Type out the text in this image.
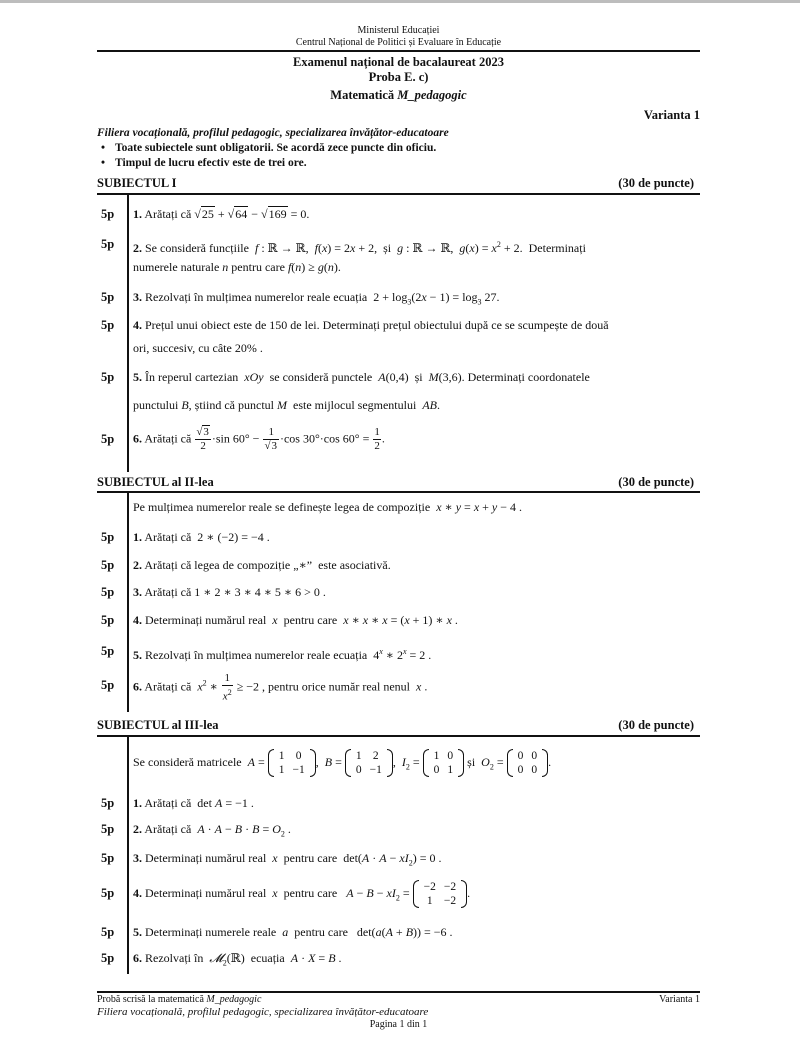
Ministerul Educației
Centrul Național de Politici și Evaluare în Educație
Examenul național de bacalaureat 2023
Proba E. c)
Matematică M_pedagogic
Varianta 1
Filiera vocațională, profilul pedagogic, specializarea învățător-educatoare
• Toate subiectele sunt obligatorii. Se acordă zece puncte din oficiu.
• Timpul de lucru efectiv este de trei ore.
SUBIECTUL I	(30 de puncte)
5p 1. Arătați că √25 + √64 − √169 = 0.
5p 2. Se consideră funcțiile  f : ℝ → ℝ,  f(x) = 2x + 2,  și  g : ℝ → ℝ,  $g(x) = x^2 + 2$.  Determinați
numerele naturale n pentru care f(n) ≥ g(n).
5p 3. Rezolvați în mulțimea numerelor reale ecuația  $2 + \log_3(2x - 1) = \log_3 27$.
5p 4. Prețul unui obiect este de 150 de lei. Determinați prețul obiectului după ce se scumpește de două
ori, succesiv, cu câte 20% .
5p 5. În reperul cartezian  xOy  se consideră punctele  A(0,4)  și  M(3,6). Determinați coordonatele
punctului B, știind că punctul M  este mijlocul segmentului  AB.
5p 6. Arătați că $\frac{√3}{2} \cdot\sin$ $60^\circ - \frac{1}{√3} \cdot\cos$ 30°·cos $60^\circ = \frac{1}{2}$ .
SUBIECTUL al II-lea	(30 de puncte)
Pe mulțimea numerelor reale se definește legea de compoziție  x ∗ y = x + y − 4 .
5p 1. Arătați că  2 ∗ (−2) = −4 .
5p 2. Arătați că legea de compoziție „∗”  este asociativă.
5p 3. Arătați că 1 ∗ 2 ∗ 3 ∗ 4 ∗ 5 ∗ 6 > 0 .
5p 4. Determinați numărul real  x  pentru care  x ∗ x ∗ x = (x + 1) ∗ x .
5p 5. Rezolvați în mulțimea numerelor reale ecuația  4$^x$ ∗ $2^x = 2$ .
5p 6. Arătați că  $x^2$ ∗ $\frac{1}{x^2} \ge -2$ , pentru orice număr real nenul  x .
SUBIECTUL al III-lea	(30 de puncte)
Se consideră matricele  A = 1	0
1	−1
,  B = 1	2
0	−1
,  $I_2 = 1$	0
0	1
și  $O_2 = 0$	0
0	0
.
5p 1. Arătați că  det A = −1 .
5p 2. Arătați că  $A \cdot A - B \cdot B = O_2$ .
5p 3. Determinați numărul real  x  pentru care  $\det(A \cdot A - xI_2) = 0$ .
5p 4. Determinați numărul real  x  pentru care   $A - B - xI_2 = -2$	−2
1	−2
.
5p 5. Determinați numerele reale  a  pentru care   det(a(A + B)) = −6 .
5p 6. Rezolvați în  𝓜$_2$(ℝ)  ecuația  A · X = B .
Probă scrisă la matematică M_pedagogic	Varianta 1
Filiera vocațională, profilul pedagogic, specializarea învățător-educatoare
Pagina 1 din 1
